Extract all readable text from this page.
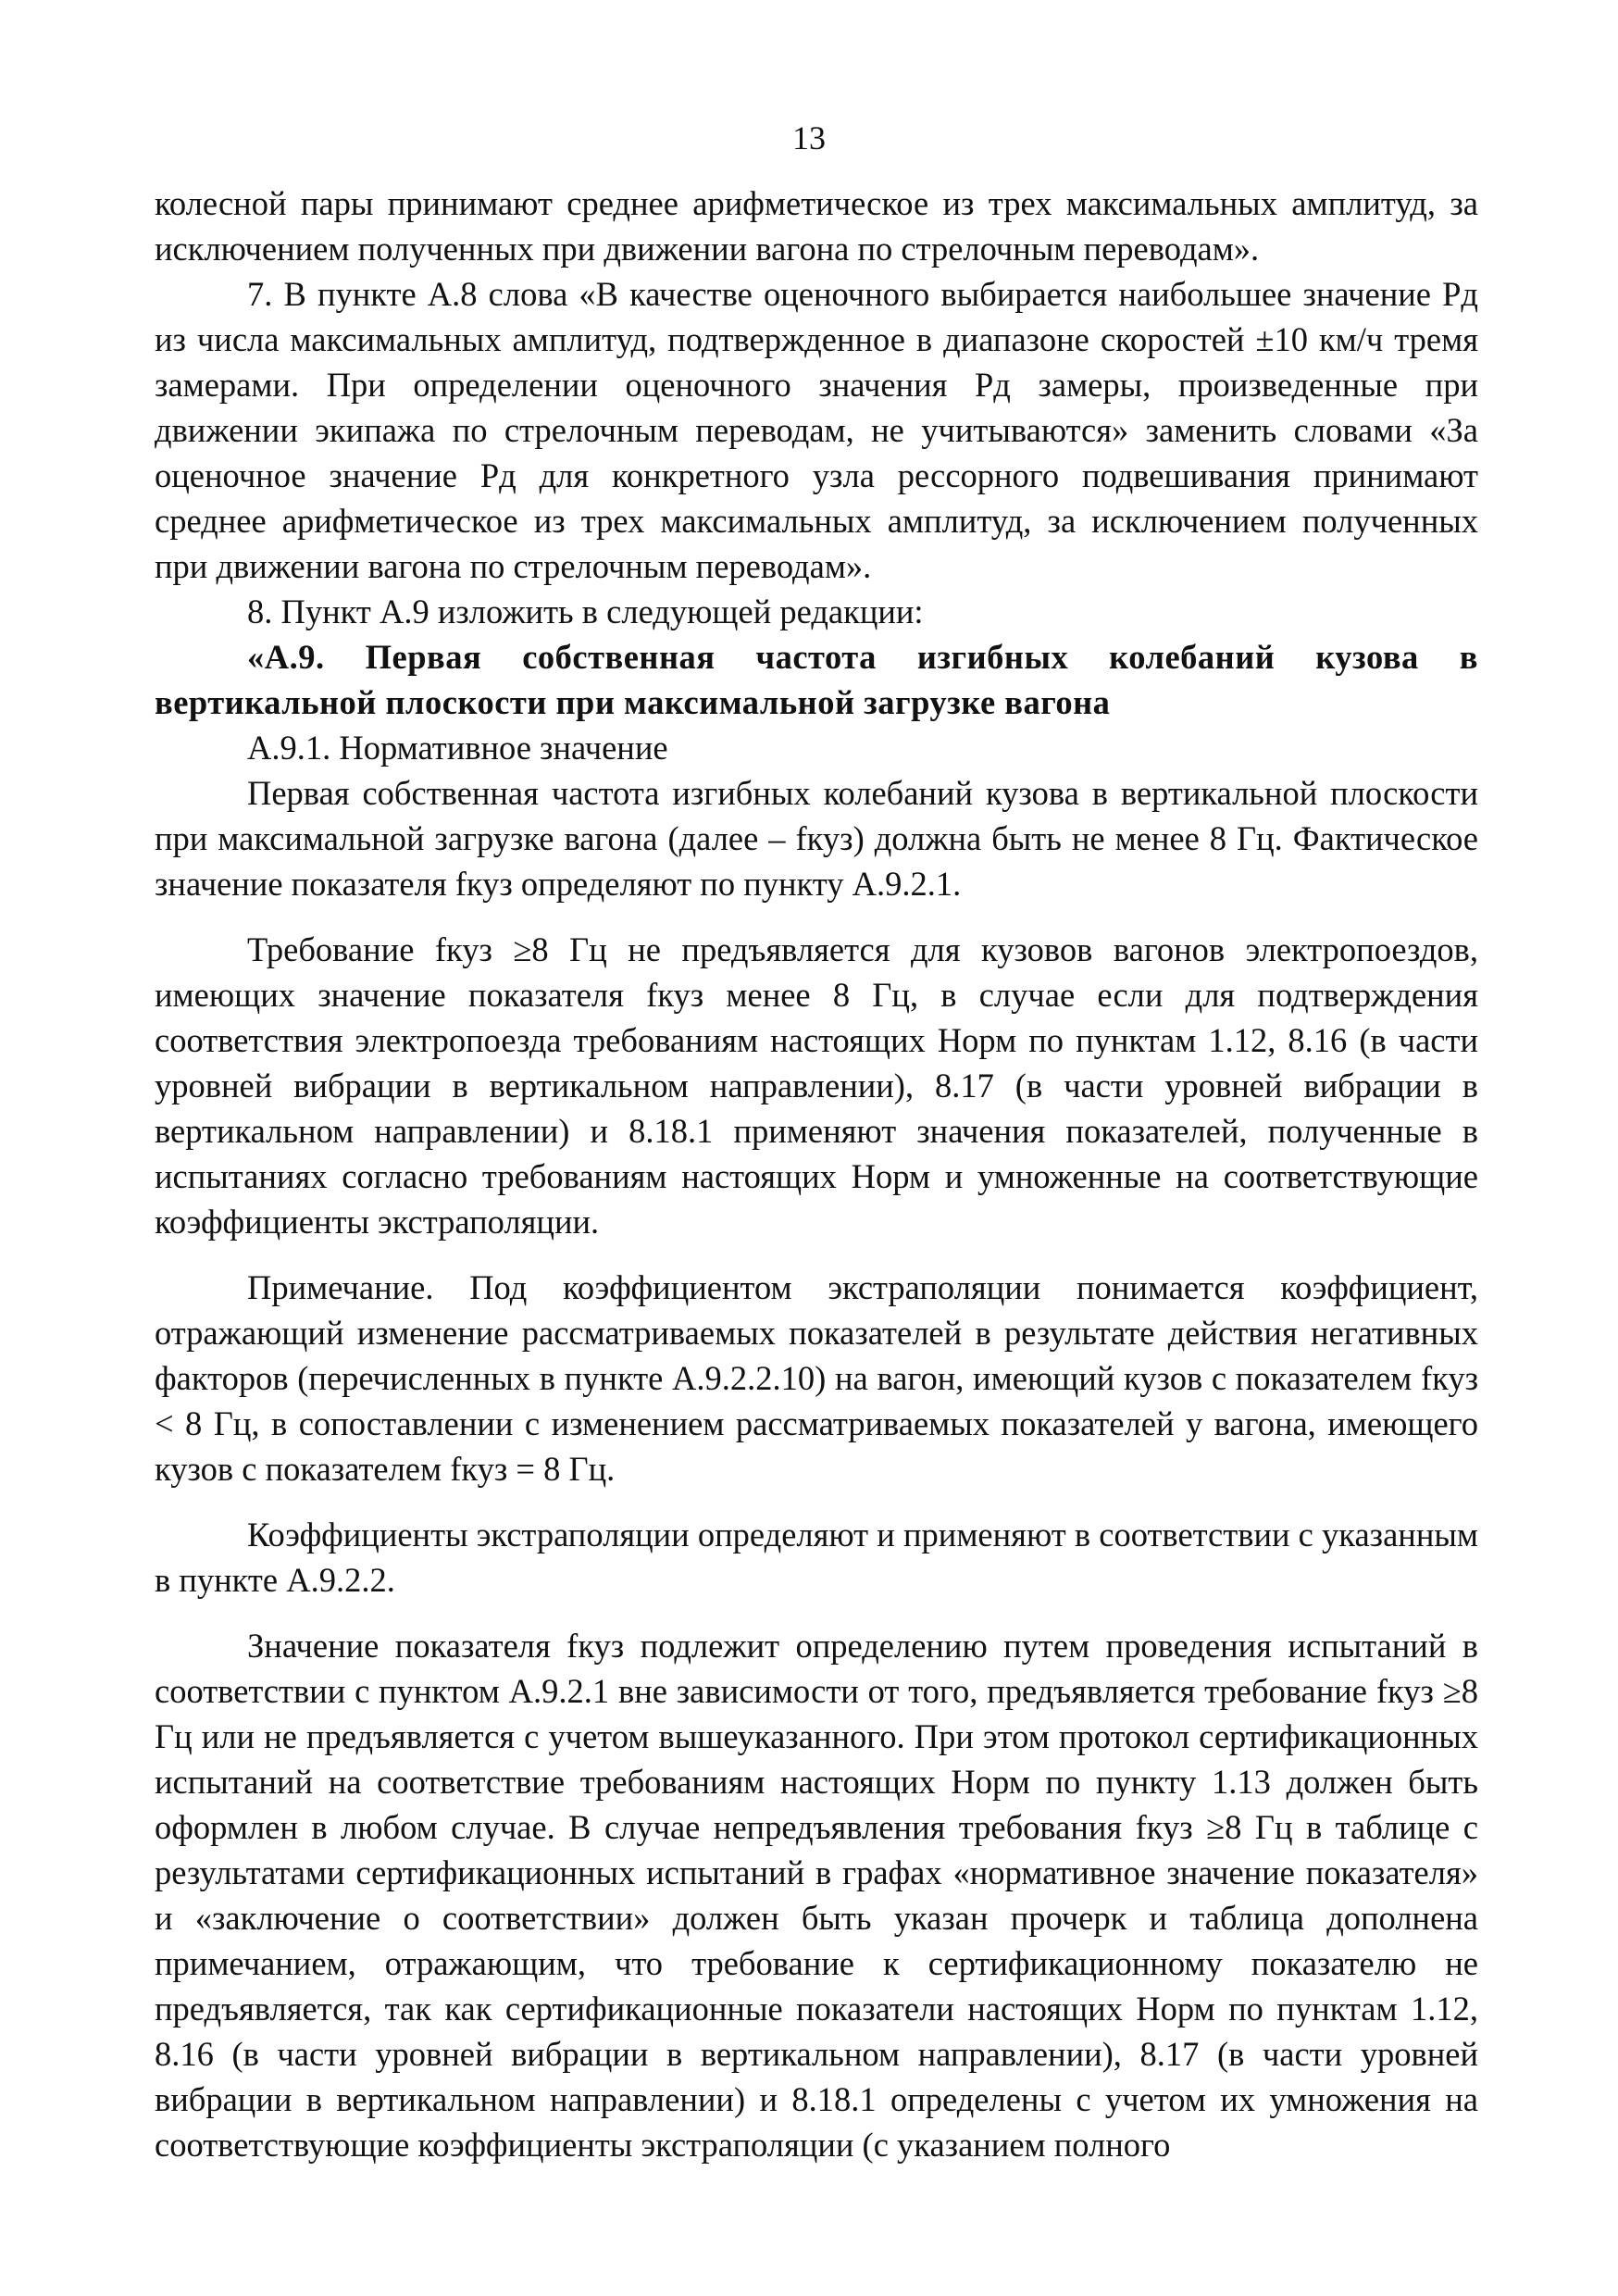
13

колесной пары принимают среднее арифметическое из трех максимальных амплитуд, за исключением полученных при движении вагона по стрелочным переводам».

7. В пункте А.8 слова «В качестве оценочного выбирается наибольшее значение Pд из числа максимальных амплитуд, подтвержденное в диапазоне скоростей ±10 км/ч тремя замерами. При определении оценочного значения Pд замеры, произведенные при движении экипажа по стрелочным переводам, не учитываются» заменить словами «За оценочное значение Pд для конкретного узла рессорного подвешивания принимают среднее арифметическое из трех максимальных амплитуд, за исключением полученных при движении вагона по стрелочным переводам».

8. Пункт А.9 изложить в следующей редакции:

«А.9. Первая собственная частота изгибных колебаний кузова в вертикальной плоскости при максимальной загрузке вагона

А.9.1. Нормативное значение

Первая собственная частота изгибных колебаний кузова в вертикальной плоскости при максимальной загрузке вагона (далее – fкуз) должна быть не менее 8 Гц. Фактическое значение показателя fкуз определяют по пункту А.9.2.1.

Требование fкуз ≥8 Гц не предъявляется для кузовов вагонов электропоездов, имеющих значение показателя fкуз менее 8 Гц, в случае если для подтверждения соответствия электропоезда требованиям настоящих Норм по пунктам 1.12, 8.16 (в части уровней вибрации в вертикальном направлении), 8.17 (в части уровней вибрации в вертикальном направлении) и 8.18.1 применяют значения показателей, полученные в испытаниях согласно требованиям настоящих Норм и умноженные на соответствующие коэффициенты экстраполяции.

Примечание. Под коэффициентом экстраполяции понимается коэффициент, отражающий изменение рассматриваемых показателей в результате действия негативных факторов (перечисленных в пункте А.9.2.2.10) на вагон, имеющий кузов с показателем fкуз < 8 Гц, в сопоставлении с изменением рассматриваемых показателей у вагона, имеющего кузов с показателем fкуз = 8 Гц.

Коэффициенты экстраполяции определяют и применяют в соответствии с указанным в пункте А.9.2.2.

Значение показателя fкуз подлежит определению путем проведения испытаний в соответствии с пунктом А.9.2.1 вне зависимости от того, предъявляется требование fкуз ≥8 Гц или не предъявляется с учетом вышеуказанного. При этом протокол сертификационных испытаний на соответствие требованиям настоящих Норм по пункту 1.13 должен быть оформлен в любом случае. В случае непредъявления требования fкуз ≥8 Гц в таблице с результатами сертификационных испытаний в графах «нормативное значение показателя» и «заключение о соответствии» должен быть указан прочерк и таблица дополнена примечанием, отражающим, что требование к сертификационному показателю не предъявляется, так как сертификационные показатели настоящих Норм по пунктам 1.12, 8.16 (в части уровней вибрации в вертикальном направлении), 8.17 (в части уровней вибрации в вертикальном направлении) и 8.18.1 определены с учетом их умножения на соответствующие коэффициенты экстраполяции (с указанием полного
